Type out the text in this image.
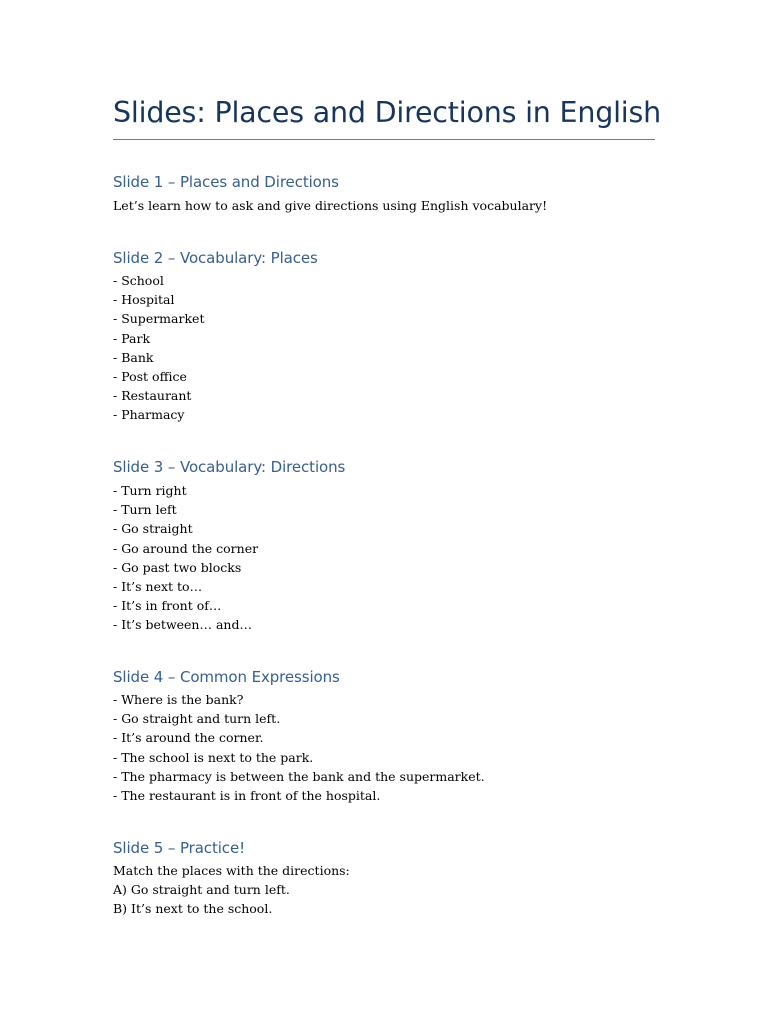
Slides: Places and Directions in English
Slide 1 – Places and Directions
Let’s learn how to ask and give directions using English vocabulary!
Slide 2 – Vocabulary: Places
- School
- Hospital
- Supermarket
- Park
- Bank
- Post office
- Restaurant
- Pharmacy
Slide 3 – Vocabulary: Directions
- Turn right
- Turn left
- Go straight
- Go around the corner
- Go past two blocks
- It’s next to…
- It’s in front of…
- It’s between… and…
Slide 4 – Common Expressions
- Where is the bank?
- Go straight and turn left.
- It’s around the corner.
- The school is next to the park.
- The pharmacy is between the bank and the supermarket.
- The restaurant is in front of the hospital.
Slide 5 – Practice!
Match the places with the directions:
A) Go straight and turn left.
B) It’s next to the school.
